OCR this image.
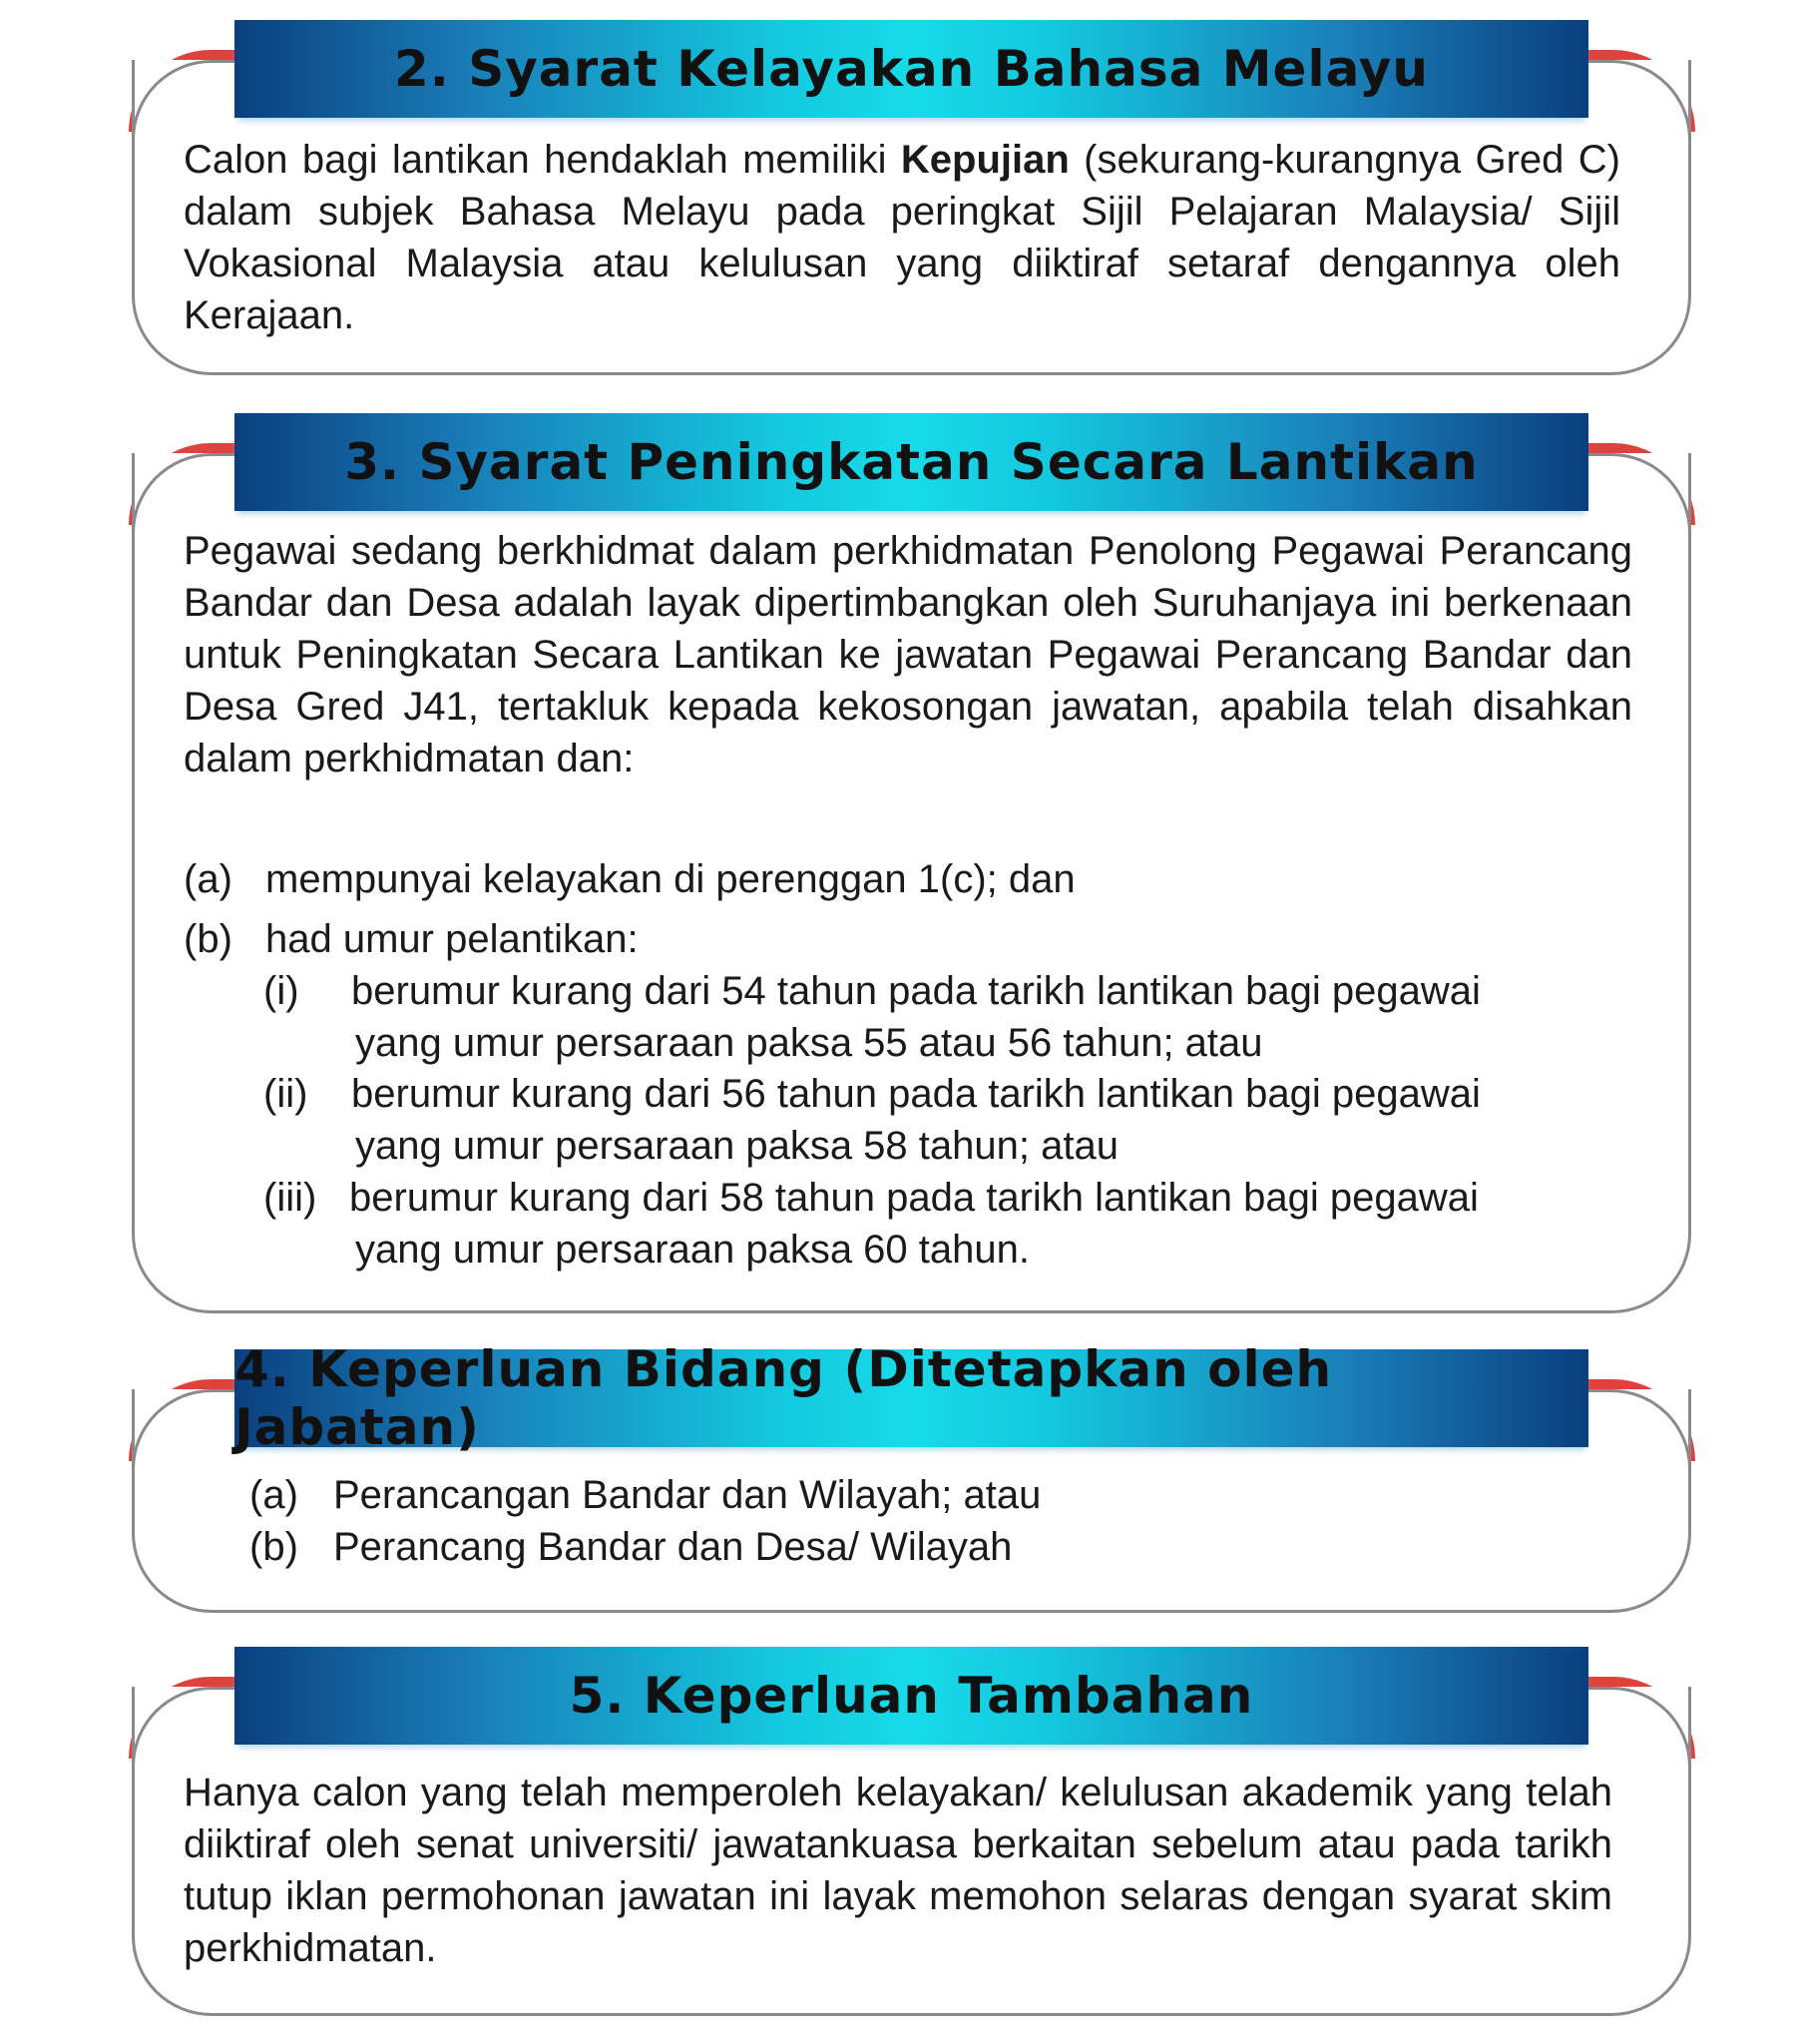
2. Syarat Kelayakan Bahasa Melayu
Calon bagi lantikan hendaklah memiliki Kepujian (sekurang-kurangnya Gred C) dalam subjek Bahasa Melayu pada peringkat Sijil Pelajaran Malaysia/ Sijil Vokasional Malaysia atau kelulusan yang diiktiraf setaraf dengannya oleh Kerajaan.
3. Syarat Peningkatan Secara Lantikan
Pegawai sedang berkhidmat dalam perkhidmatan Penolong Pegawai Perancang Bandar dan Desa adalah layak dipertimbangkan oleh Suruhanjaya ini berkenaan untuk Peningkatan Secara Lantikan ke jawatan Pegawai Perancang Bandar dan Desa Gred J41, tertakluk kepada kekosongan jawatan, apabila telah disahkan dalam perkhidmatan dan:
(a) mempunyai kelayakan di perenggan 1(c); dan
(b) had umur pelantikan:
(i) berumur kurang dari 54 tahun pada tarikh lantikan bagi pegawai
yang umur persaraan paksa 55 atau 56 tahun; atau
(ii) berumur kurang dari 56 tahun pada tarikh lantikan bagi pegawai
yang umur persaraan paksa 58 tahun; atau
(iii) berumur kurang dari 58 tahun pada tarikh lantikan bagi pegawai
yang umur persaraan paksa 60 tahun.
4. Keperluan Bidang (Ditetapkan oleh Jabatan)
(a) Perancangan Bandar dan Wilayah; atau
(b) Perancang Bandar dan Desa/ Wilayah
5. Keperluan Tambahan
Hanya calon yang telah memperoleh kelayakan/ kelulusan akademik yang telah diiktiraf oleh senat universiti/ jawatankuasa berkaitan sebelum atau pada tarikh tutup iklan permohonan jawatan ini layak memohon selaras dengan syarat skim perkhidmatan.
